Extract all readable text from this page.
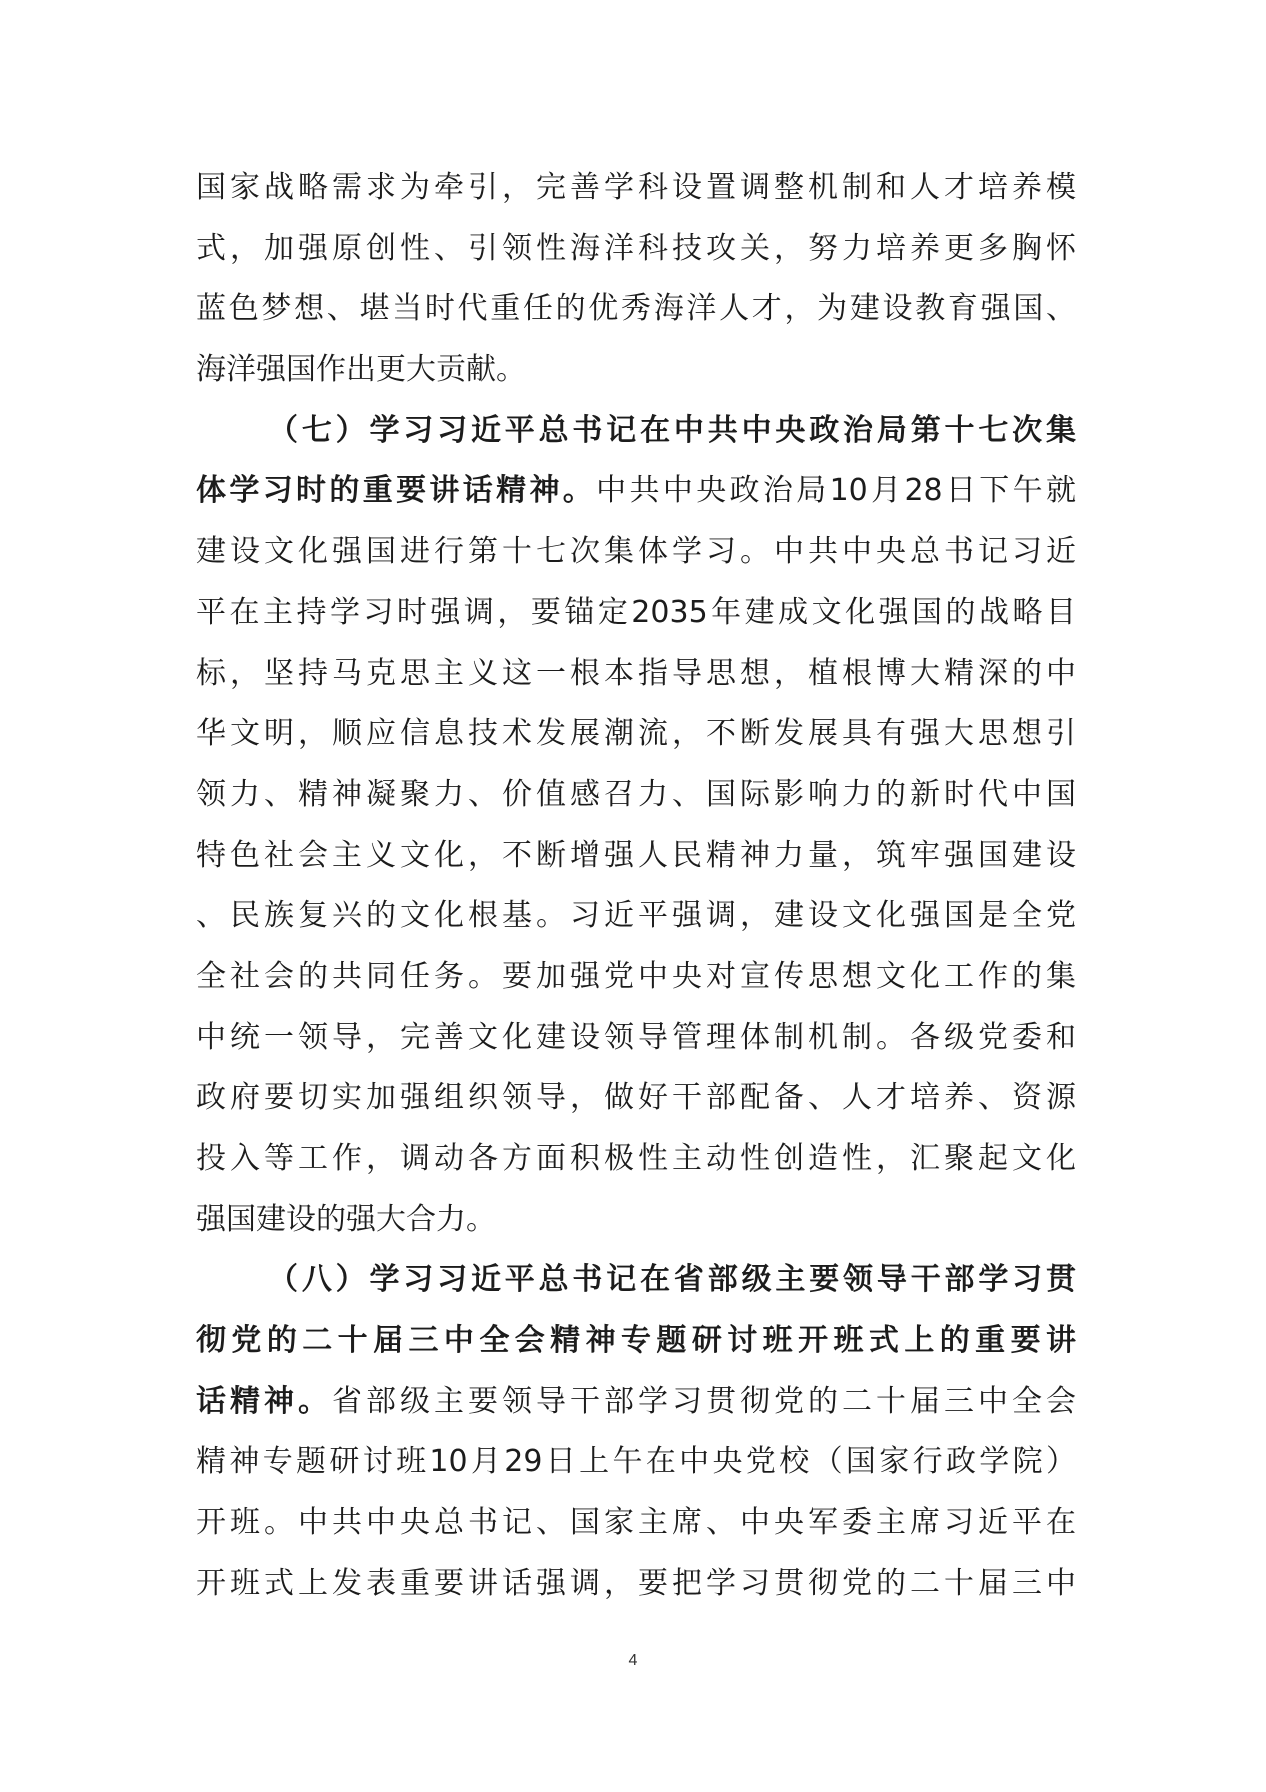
国家战略需求为牵引，完善学科设置调整机制和人才培养模
式，加强原创性、引领性海洋科技攻关，努力培养更多胸怀
蓝色梦想、堪当时代重任的优秀海洋人才，为建设教育强国、
海洋强国作出更大贡献。
（七）学习习近平总书记在中共中央政治局第十七次集
体学习时的重要讲话精神。中共中央政治局10月28日下午就
建设文化强国进行第十七次集体学习。中共中央总书记习近
平在主持学习时强调，要锚定2035年建成文化强国的战略目
标，坚持马克思主义这一根本指导思想，植根博大精深的中
华文明，顺应信息技术发展潮流，不断发展具有强大思想引
领力、精神凝聚力、价值感召力、国际影响力的新时代中国
特色社会主义文化，不断增强人民精神力量，筑牢强国建设
、民族复兴的文化根基。习近平强调，建设文化强国是全党
全社会的共同任务。要加强党中央对宣传思想文化工作的集
中统一领导，完善文化建设领导管理体制机制。各级党委和
政府要切实加强组织领导，做好干部配备、人才培养、资源
投入等工作，调动各方面积极性主动性创造性，汇聚起文化
强国建设的强大合力。
（八）学习习近平总书记在省部级主要领导干部学习贯
彻党的二十届三中全会精神专题研讨班开班式上的重要讲
话精神。省部级主要领导干部学习贯彻党的二十届三中全会
精神专题研讨班10月29日上午在中央党校（国家行政学院）
开班。中共中央总书记、国家主席、中央军委主席习近平在
开班式上发表重要讲话强调，要把学习贯彻党的二十届三中
4
